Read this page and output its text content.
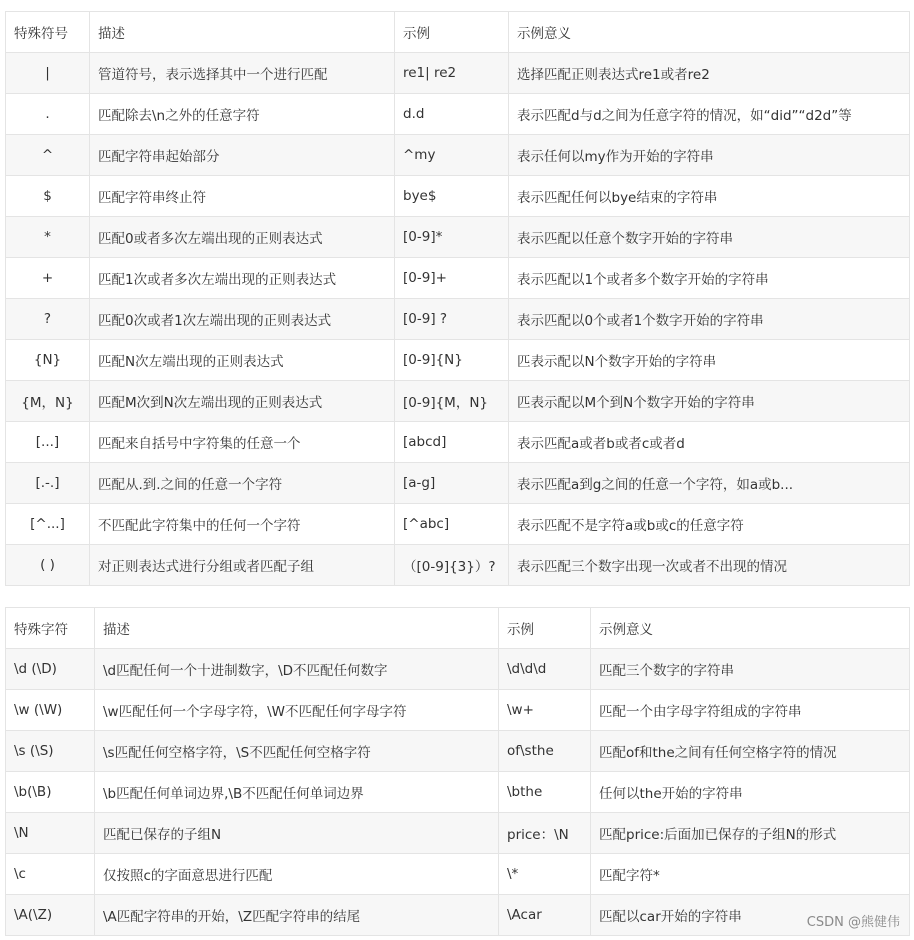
特殊符号	描述	示例	示例意义
|	管道符号，表示选择其中一个进行匹配	re1| re2	选择匹配正则表达式re1或者re2
.	匹配除去\n之外的任意字符	d.d	表示匹配d与d之间为任意字符的情况，如“did”“d2d”等
^	匹配字符串起始部分	^my	表示任何以my作为开始的字符串
$	匹配字符串终止符	bye$	表示匹配任何以bye结束的字符串
*	匹配0或者多次左端出现的正则表达式	[0-9]*	表示匹配以任意个数字开始的字符串
+	匹配1次或者多次左端出现的正则表达式	[0-9]+	表示匹配以1个或者多个数字开始的字符串
?	匹配0次或者1次左端出现的正则表达式	[0-9] ?	表示匹配以0个或者1个数字开始的字符串
{N}	匹配N次左端出现的正则表达式	[0-9]{N}	匹表示配以N个数字开始的字符串
{M，N}	匹配M次到N次左端出现的正则表达式	[0-9]{M，N}	匹表示配以M个到N个数字开始的字符串
[...]	匹配来自括号中字符集的任意一个	[abcd]	表示匹配a或者b或者c或者d
[.-.]	匹配从.到.之间的任意一个字符	[a-g]	表示匹配a到g之间的任意一个字符，如a或b...
[^...]	不匹配此字符集中的任何一个字符	[^abc]	表示匹配不是字符a或b或c的任意字符
( )	对正则表达式进行分组或者匹配子组	（[0-9]{3}）?	表示匹配三个数字出现一次或者不出现的情况
特殊字符	描述	示例	示例意义
\d (\D)	\d匹配任何一个十进制数字，\D不匹配任何数字	\d\d\d	匹配三个数字的字符串
\w (\W)	\w匹配任何一个字母字符，\W不匹配任何字母字符	\w+	匹配一个由字母字符组成的字符串
\s (\S)	\s匹配任何空格字符，\S不匹配任何空格字符	of\sthe	匹配of和the之间有任何空格字符的情况
\b(\B)	\b匹配任何单词边界,\B不匹配任何单词边界	\bthe	任何以the开始的字符串
\N	匹配已保存的子组N	price：\N	匹配price:后面加已保存的子组N的形式
\c	仅按照c的字面意思进行匹配	\*	匹配字符*
\A(\Z)	\A匹配字符串的开始，\Z匹配字符串的结尾	\Acar	匹配以car开始的字符串	CSDN @熊健伟
